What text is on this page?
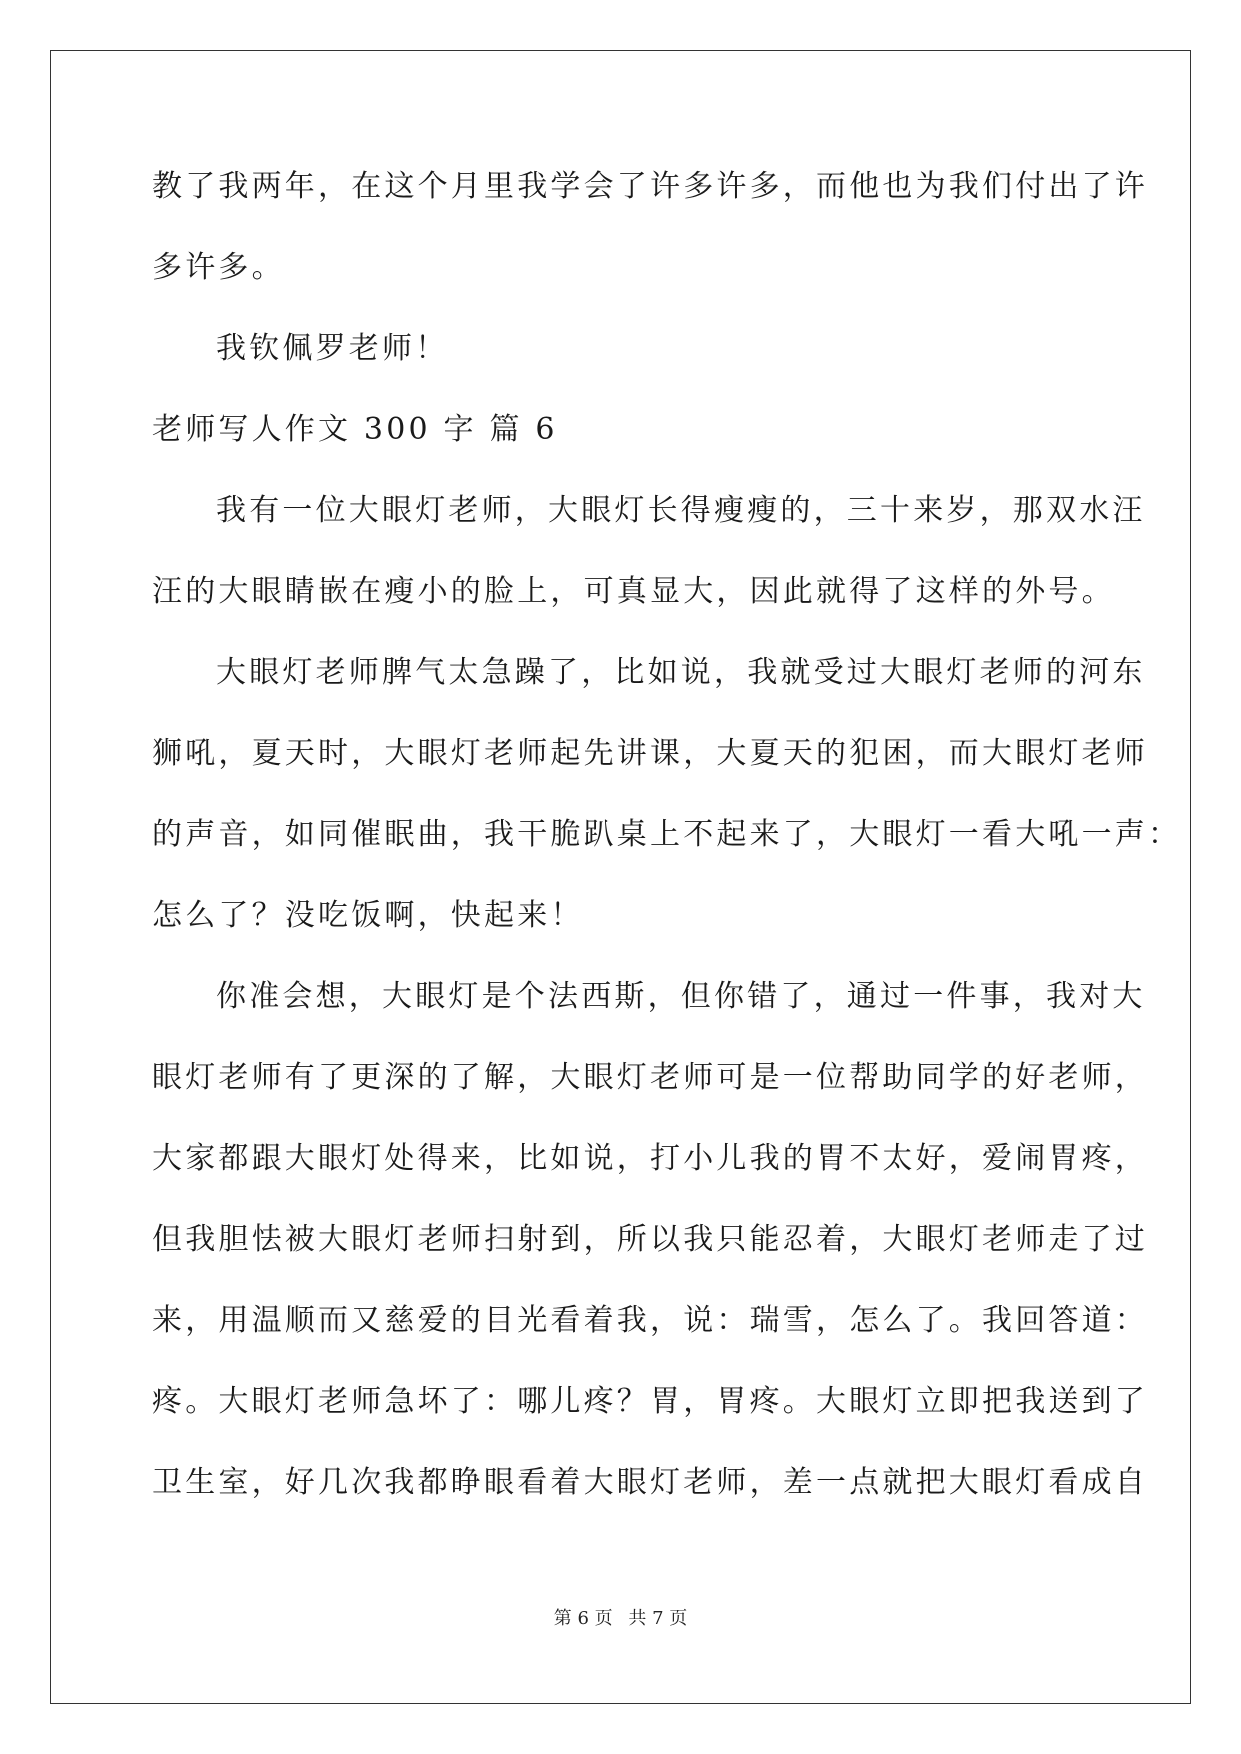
教了我两年，在这个月里我学会了许多许多，而他也为我们付出了许
多许多。
我钦佩罗老师！
老师写人作文 300 字 篇 6
我有一位大眼灯老师，大眼灯长得瘦瘦的，三十来岁，那双水汪
汪的大眼睛嵌在瘦小的脸上，可真显大，因此就得了这样的外号。
大眼灯老师脾气太急躁了，比如说，我就受过大眼灯老师的河东
狮吼，夏天时，大眼灯老师起先讲课，大夏天的犯困，而大眼灯老师
的声音，如同催眠曲，我干脆趴桌上不起来了，大眼灯一看大吼一声：
怎么了？没吃饭啊，快起来！
你准会想，大眼灯是个法西斯，但你错了，通过一件事，我对大
眼灯老师有了更深的了解，大眼灯老师可是一位帮助同学的好老师，
大家都跟大眼灯处得来，比如说，打小儿我的胃不太好，爱闹胃疼，
但我胆怯被大眼灯老师扫射到，所以我只能忍着，大眼灯老师走了过
来，用温顺而又慈爱的目光看着我，说：瑞雪，怎么了。我回答道：
疼。大眼灯老师急坏了：哪儿疼？胃，胃疼。大眼灯立即把我送到了
卫生室，好几次我都睁眼看着大眼灯老师，差一点就把大眼灯看成自
第 6 页 共 7 页
